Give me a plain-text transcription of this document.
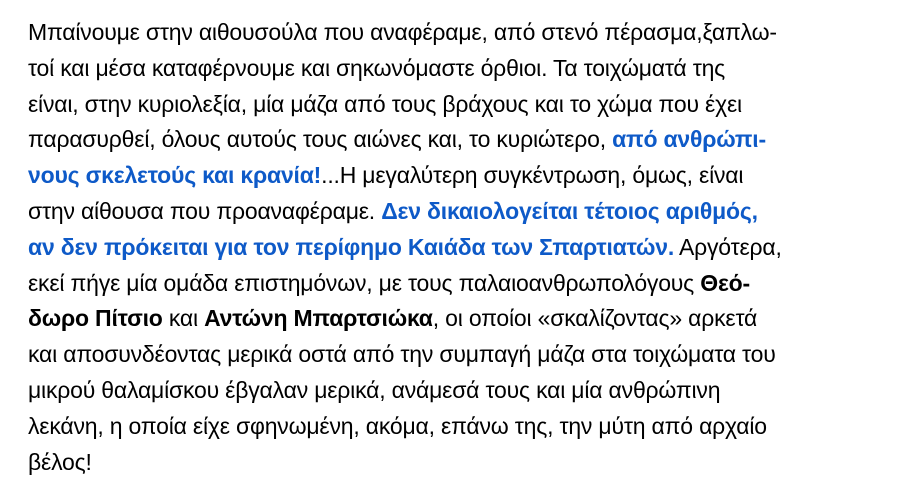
Μπαίνουμε στην αιθουσούλα που αναφέραμε, από στενό πέρασμα,ξαπλω-
τοί και μέσα καταφέρνουμε και σηκωνόμαστε όρθιοι. Τα τοιχώματά της
είναι, στην κυριολεξία, μία μάζα από τους βράχους και το χώμα που έχει
παρασυρθεί, όλους αυτούς τους αιώνες και, το κυριώτερο, από ανθρώπι-
νους σκελετούς και κρανία!...Η μεγαλύτερη συγκέντρωση, όμως, είναι
στην αίθουσα που προαναφέραμε. Δεν δικαιολογείται τέτοιος αριθμός,
αν δεν πρόκειται για τον περίφημο Καιάδα των Σπαρτιατών. Αργότερα,
εκεί πήγε μία ομάδα επιστημόνων, με τους παλαιοανθρωπολόγους Θεό-
δωρο Πίτσιο και Αντώνη Μπαρτσιώκα, οι οποίοι «σκαλίζοντας» αρκετά
και αποσυνδέοντας μερικά οστά από την συμπαγή μάζα στα τοιχώματα του
μικρού θαλαμίσκου έβγαλαν μερικά, ανάμεσά τους και μία ανθρώπινη
λεκάνη, η οποία είχε σφηνωμένη, ακόμα, επάνω της, την μύτη από αρχαίο
βέλος!
